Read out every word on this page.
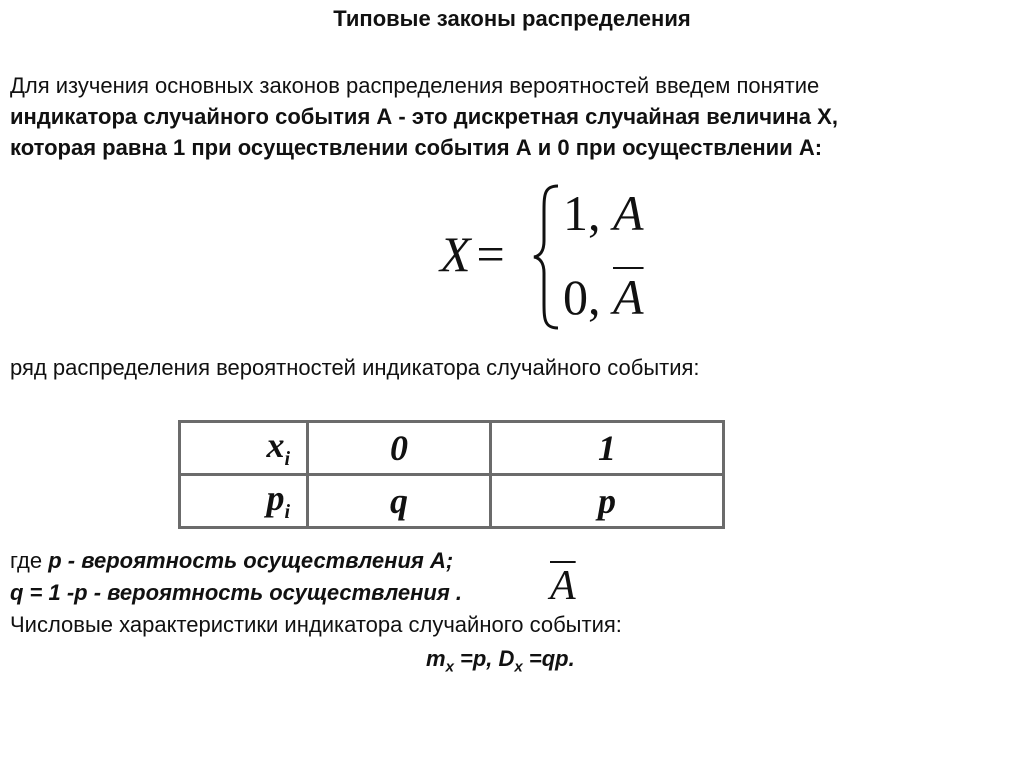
Типовые законы распределения
Для изучения основных законов распределения вероятностей введем понятие
индикатора случайного события А - это дискретная случайная величина Х,
которая равна 1 при осуществлении события А и 0 при осуществлении А:
X =
1, A
0, $\overline{A}$
ряд распределения вероятностей индикатора случайного события:
$x_i$	0	1
$p_i$	q	p
где р - вероятность осуществления А;
q = 1 -р - вероятность осуществления . $\overline{A}$
Числовые характеристики индикатора случайного события:
$m_x =р$, $D_x =qp$.
